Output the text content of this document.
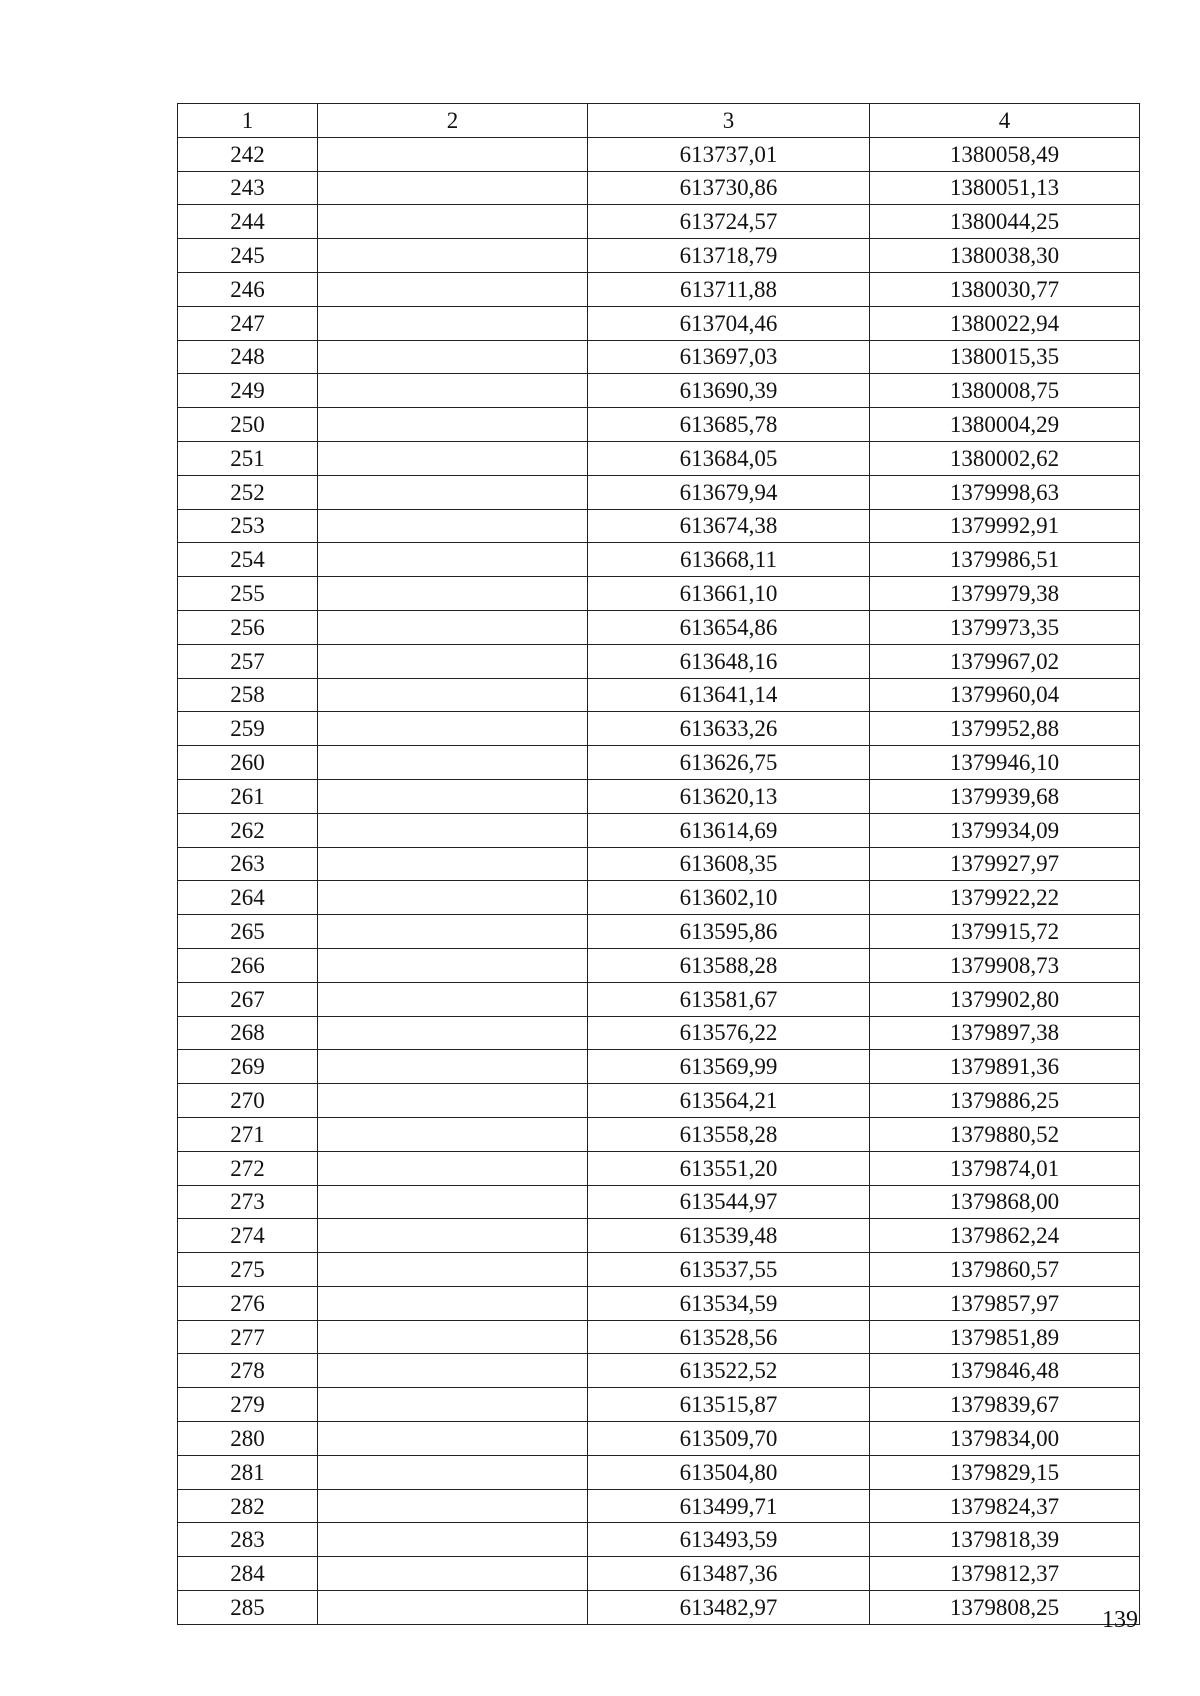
1	2	3	4
242		613737,01	1380058,49
243		613730,86	1380051,13
244		613724,57	1380044,25
245		613718,79	1380038,30
246		613711,88	1380030,77
247		613704,46	1380022,94
248		613697,03	1380015,35
249		613690,39	1380008,75
250		613685,78	1380004,29
251		613684,05	1380002,62
252		613679,94	1379998,63
253		613674,38	1379992,91
254		613668,11	1379986,51
255		613661,10	1379979,38
256		613654,86	1379973,35
257		613648,16	1379967,02
258		613641,14	1379960,04
259		613633,26	1379952,88
260		613626,75	1379946,10
261		613620,13	1379939,68
262		613614,69	1379934,09
263		613608,35	1379927,97
264		613602,10	1379922,22
265		613595,86	1379915,72
266		613588,28	1379908,73
267		613581,67	1379902,80
268		613576,22	1379897,38
269		613569,99	1379891,36
270		613564,21	1379886,25
271		613558,28	1379880,52
272		613551,20	1379874,01
273		613544,97	1379868,00
274		613539,48	1379862,24
275		613537,55	1379860,57
276		613534,59	1379857,97
277		613528,56	1379851,89
278		613522,52	1379846,48
279		613515,87	1379839,67
280		613509,70	1379834,00
281		613504,80	1379829,15
282		613499,71	1379824,37
283		613493,59	1379818,39
284		613487,36	1379812,37
285		613482,97	1379808,25	139
